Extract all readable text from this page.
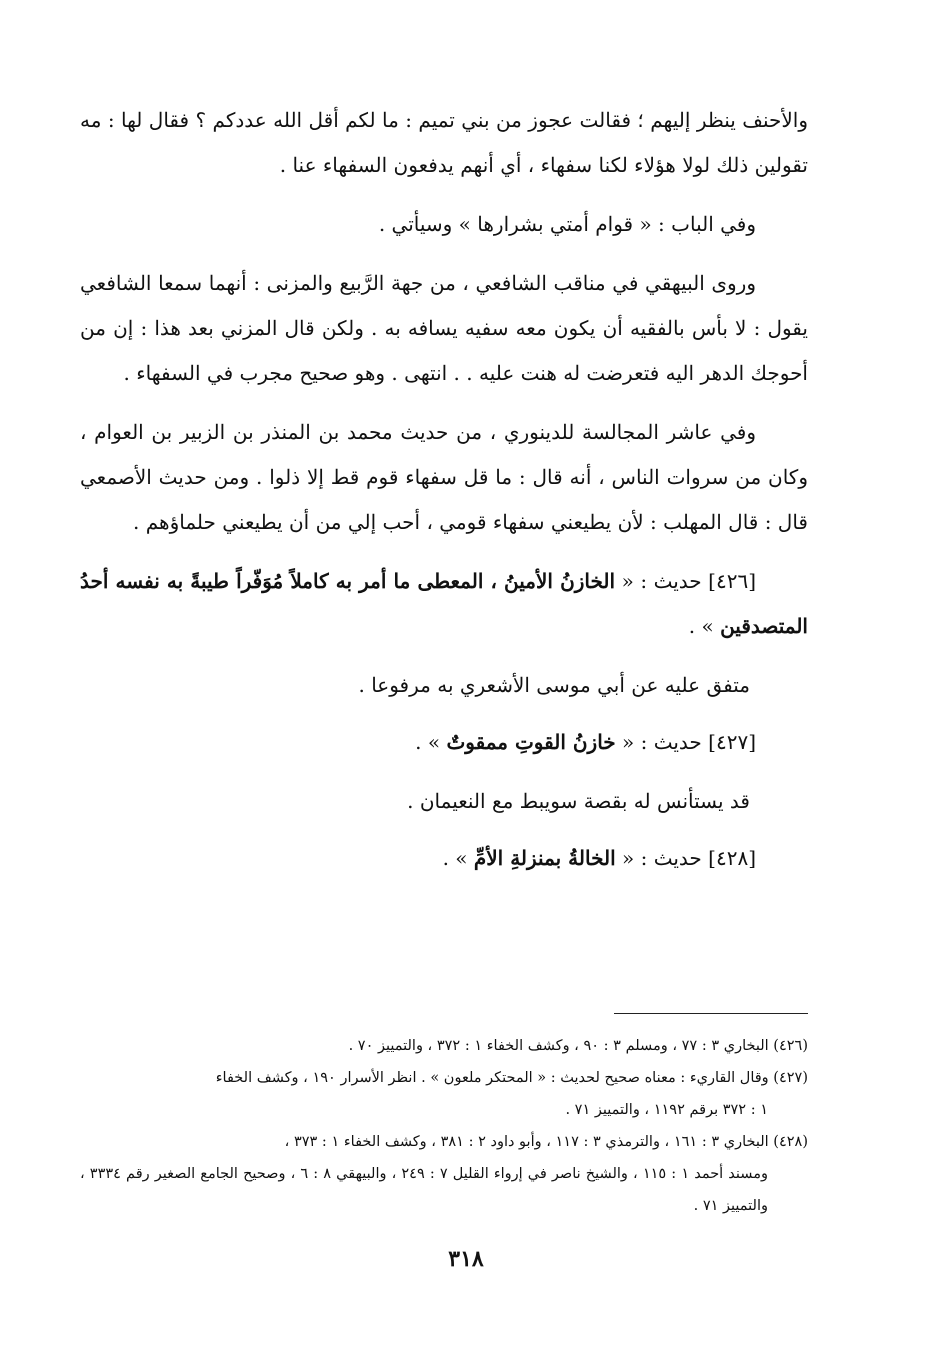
والأحنف ينظر إليهم ؛ فقالت عجوز من بني تميم : ما لكم أقل الله عددكم ؟ فقال لها : مه تقولين ذلك لولا هؤلاء لكنا سفهاء ، أي أنهم يدفعون السفهاء عنا .

وفي الباب : « قوام أمتي بشرارها » وسيأتي .

وروى البيهقي في مناقب الشافعي ، من جهة الرَّبيع والمزنى : أنهما سمعا الشافعي يقول : لا بأس بالفقيه أن يكون معه سفيه يسافه به . ولكن قال المزني بعد هذا : إن من أحوجك الدهر اليه فتعرضت له هنت عليه . . انتهى . وهو صحيح مجرب في السفهاء .

وفي عاشر المجالسة للدينوري ، من حديث محمد بن المنذر بن الزبير بن العوام ، وكان من سروات الناس ، أنه قال : ما قل سفهاء قوم قط إلا ذلوا . ومن حديث الأصمعي قال : قال المهلب : لأن يطيعني سفهاء قومي ، أحب إلي من أن يطيعني حلماؤهم .

[٤٢٦] حديث : « الخازنُ الأمينُ ، المعطى ما أمر به كاملاً مُوَفّراً طيبةً به نفسه أحدُ المتصدقين » .

متفق عليه عن أبي موسى الأشعري به مرفوعا .

[٤٢٧] حديث : « خازنُ القوتِ ممقوتٌ » .

قد يستأنس له بقصة سويبط مع النعيمان .

[٤٢٨] حديث : « الخالةُ بمنزلةِ الأمِّ » .

(٤٢٦) البخاري ٣ : ٧٧ ، ومسلم ٣ : ٩٠ ، وكشف الخفاء ١ : ٣٧٢ ، والتمييز ٧٠ .

(٤٢٧) وقال القاريء : معناه صحيح لحديث : « المحتكر ملعون » . انظر الأسرار ١٩٠ ، وكشف الخفاء

١ : ٣٧٢ برقم ١١٩٢ ، والتمييز ٧١ .

(٤٢٨) البخاري ٣ : ١٦١ ، والترمذي ٣ : ١١٧ ، وأبو داود ٢ : ٣٨١ ، وكشف الخفاء ١ : ٣٧٣ ،

ومسند أحمد ١ : ١١٥ ، والشيخ ناصر في إرواء القليل ٧ : ٢٤٩ ، والبيهقي ٨ : ٦ ، وصحيح الجامع الصغير رقم ٣٣٣٤ ، والتمييز ٧١ .

٣١٨
